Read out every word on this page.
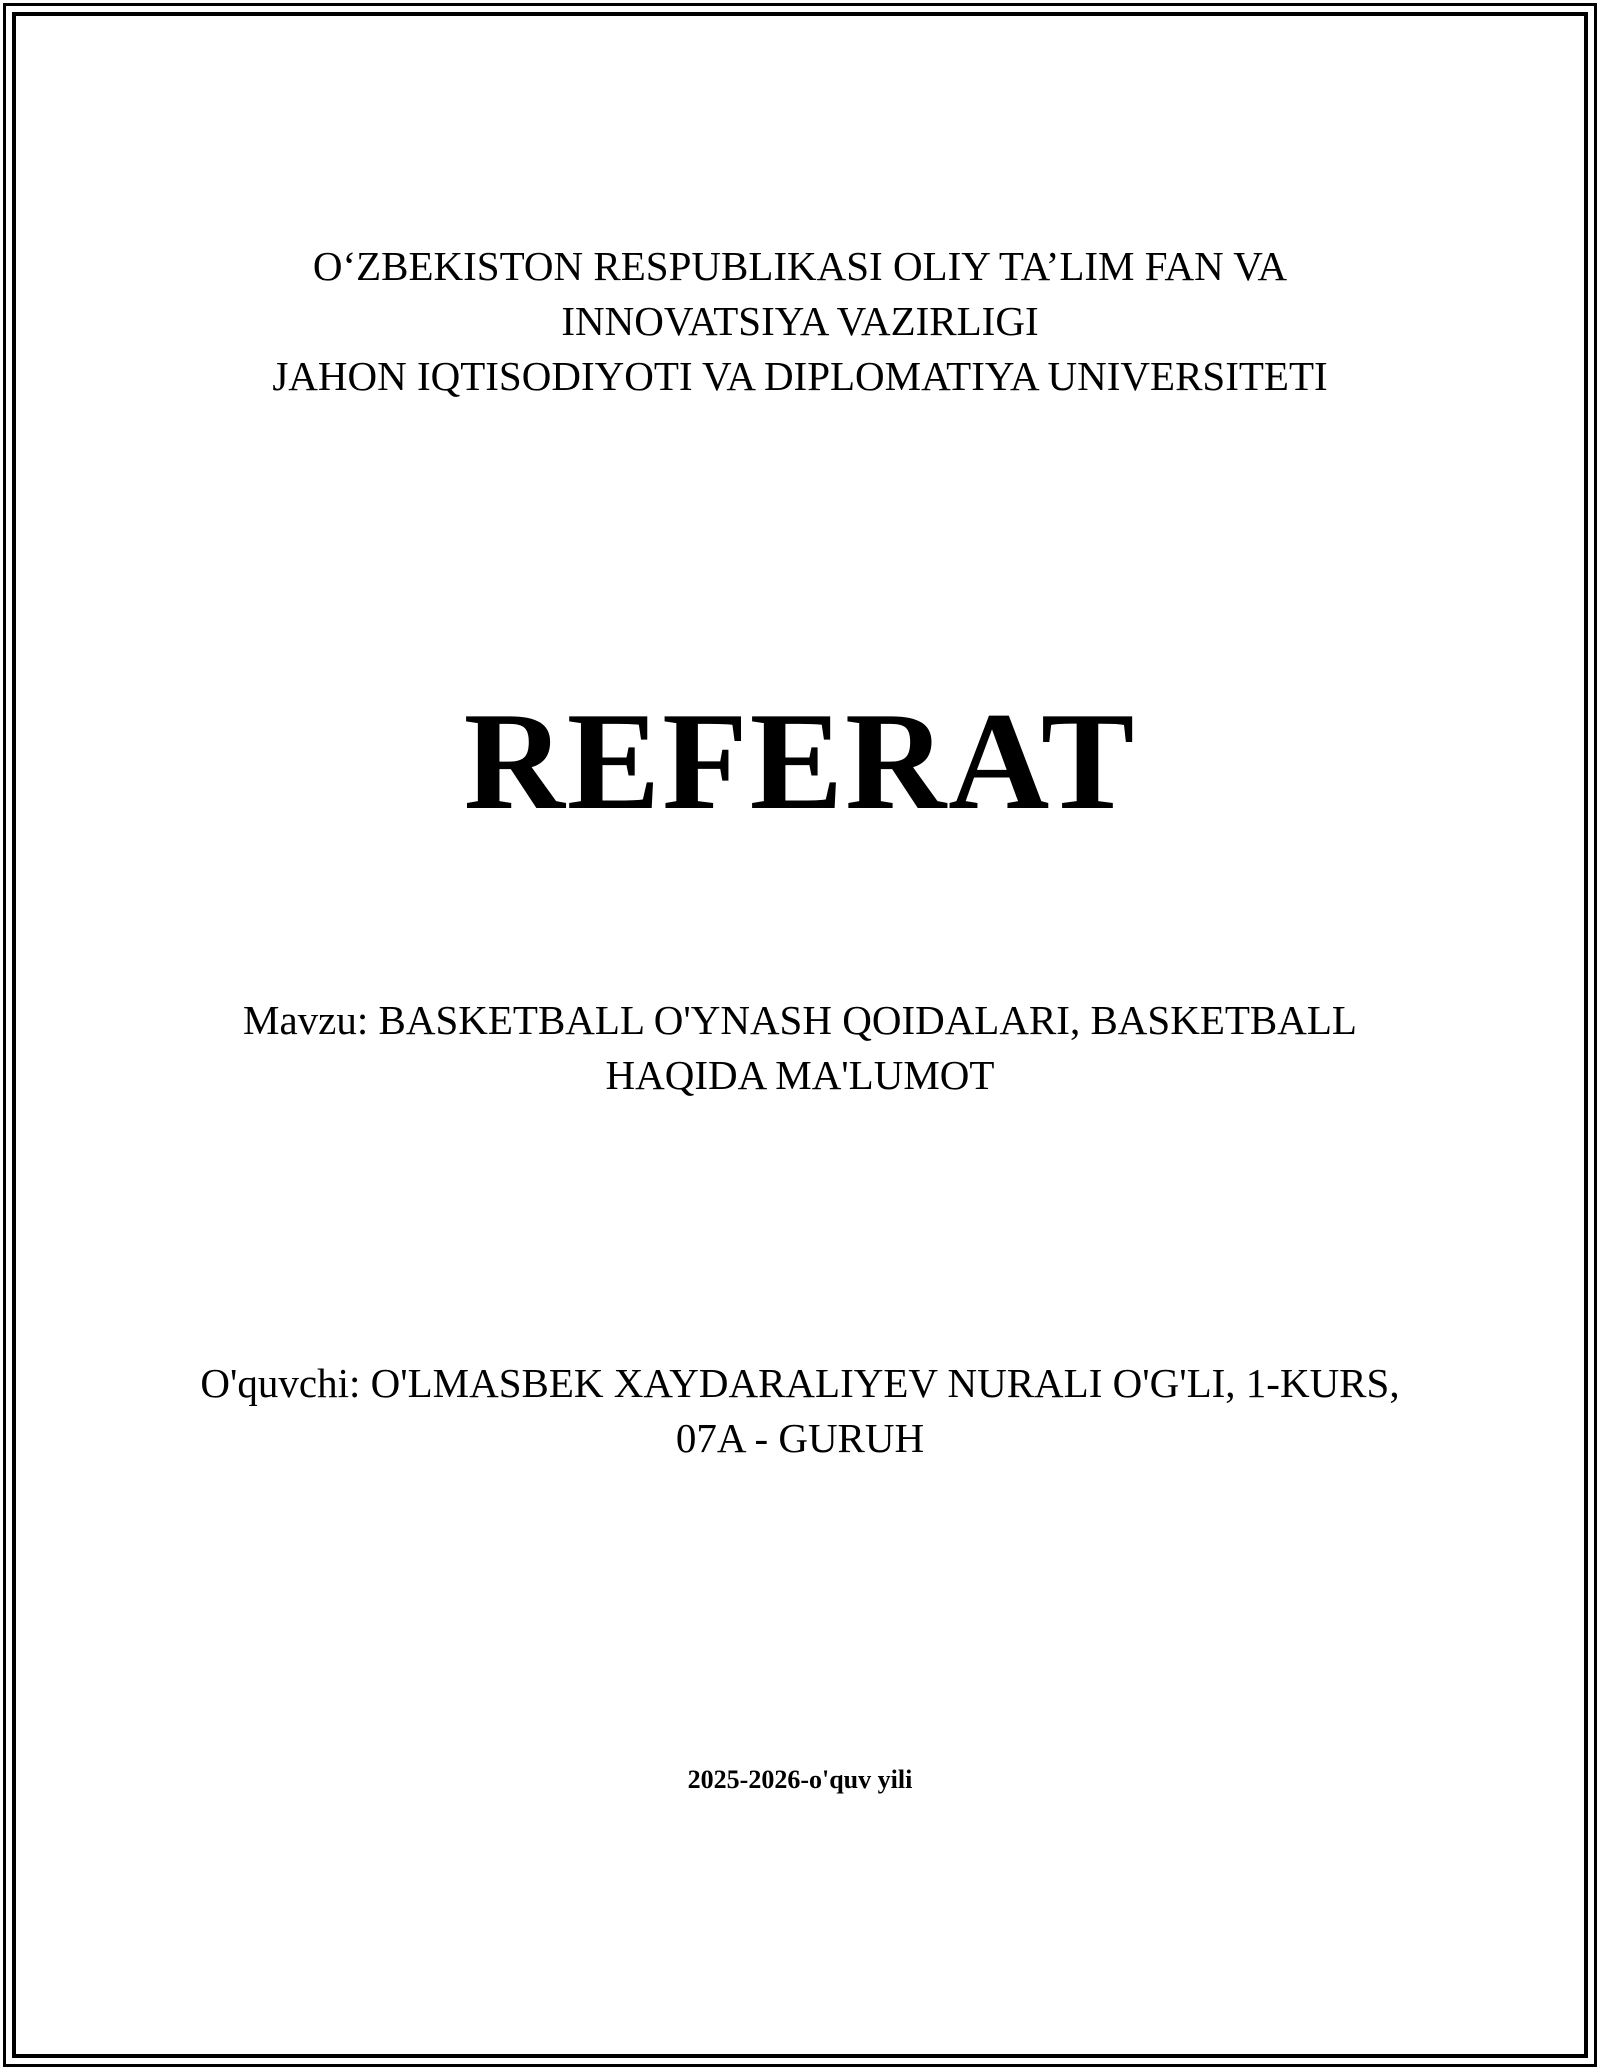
OʻZBEKISTON RESPUBLIKASI OLIY TA’LIM FAN VA
INNOVATSIYA VAZIRLIGI
JAHON IQTISODIYOTI VA DIPLOMATIYA UNIVERSITETI
REFERAT
Mavzu: BASKETBALL O'YNASH QOIDALARI, BASKETBALL
HAQIDA MA'LUMOT
O'quvchi: O'LMASBEK XAYDARALIYEV NURALI O'G'LI, 1-KURS,
07A - GURUH
2025-2026-o'quv yili
